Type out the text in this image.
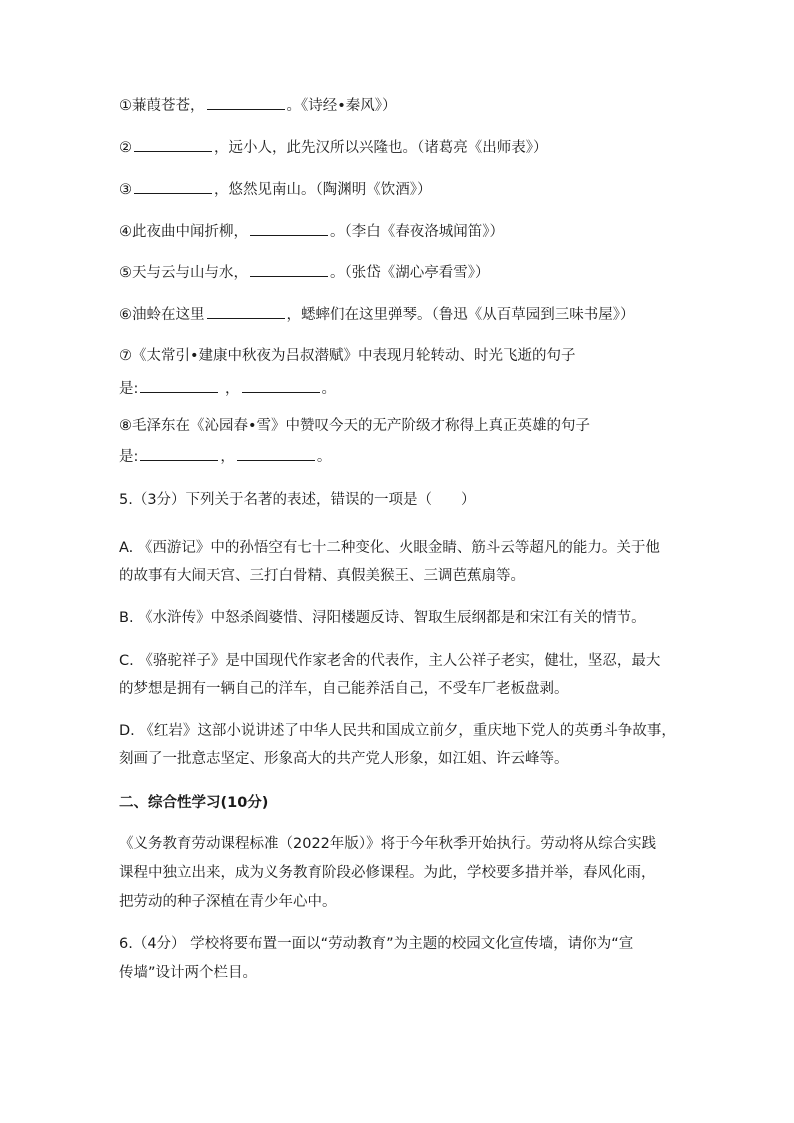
①蒹葭苍苍，	。《诗经•秦风》）
②	，远小人，此先汉所以兴隆也。（诸葛亮《出师表》）
③	，悠然见南山。（陶渊明《饮酒》）
④此夜曲中闻折柳，	。（李白《春夜洛城闻笛》）
⑤天与云与山与水，	。（张岱《湖心亭看雪》）
⑥油蛉在这里	，蟋蟀们在这里弹琴。（鲁迅《从百草园到三味书屋》）
⑦《太常引•建康中秋夜为吕叔潜赋》中表现月轮转动、时光飞逝的句子
是:	，	。
⑧毛泽东在《沁园春•雪》中赞叹今天的无产阶级才称得上真正英雄的句子
是:	，	。
5.（3分）下列关于名著的表述，错误的一项是（　　）
A. 《西游记》中的孙悟空有七十二种变化、火眼金睛、筋斗云等超凡的能力。关于他
的故事有大闹天宫、三打白骨精、真假美猴王、三调芭蕉扇等。
B. 《水浒传》中怒杀阎婆惜、浔阳楼题反诗、智取生辰纲都是和宋江有关的情节。
C. 《骆驼祥子》是中国现代作家老舍的代表作，主人公祥子老实，健壮，坚忍，最大
的梦想是拥有一辆自己的洋车，自己能养活自己，不受车厂老板盘剥。
D. 《红岩》这部小说讲述了中华人民共和国成立前夕，重庆地下党人的英勇斗争故事，
刻画了一批意志坚定、形象高大的共产党人形象，如江姐、许云峰等。
二、综合性学习(10分)
《义务教育劳动课程标准（2022年版）》将于今年秋季开始执行。劳动将从综合实践
课程中独立出来，成为义务教育阶段必修课程。为此，学校要多措并举，春风化雨，
把劳动的种子深植在青少年心中。
6.（4分） 学校将要布置一面以“劳动教育”为主题的校园文化宣传墙，请你为“宣
传墙”设计两个栏目。
